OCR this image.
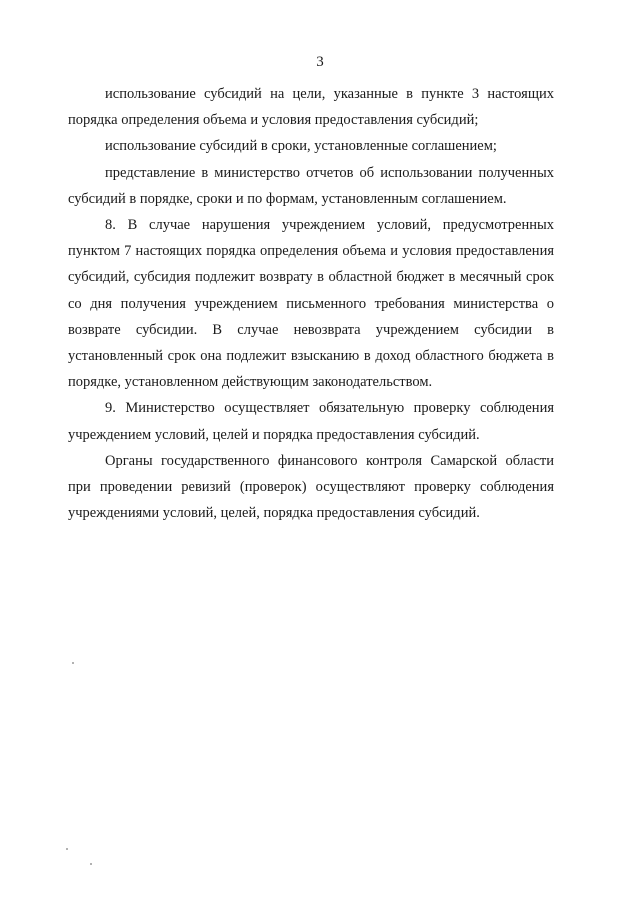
3

использование субсидий на цели, указанные в пункте 3 настоящих порядка определения объема и условия предоставления субсидий;

использование субсидий в сроки, установленные соглашением;

представление в министерство отчетов об использовании полученных субсидий в порядке, сроки и по формам, установленным соглашением.

8. В случае нарушения учреждением условий, предусмотренных пунктом 7 настоящих порядка определения объема и условия предоставления субсидий, субсидия подлежит возврату в областной бюджет в месячный срок со дня получения учреждением письменного требования министерства о возврате субсидии. В случае невозврата учреждением субсидии в установленный срок она подлежит взысканию в доход областного бюджета в порядке, установленном действующим законодательством.

9. Министерство осуществляет обязательную проверку соблюдения учреждением условий, целей и порядка предоставления субсидий.

Органы государственного финансового контроля Самарской области при проведении ревизий (проверок) осуществляют проверку соблюдения учреждениями условий, целей, порядка предоставления субсидий.
